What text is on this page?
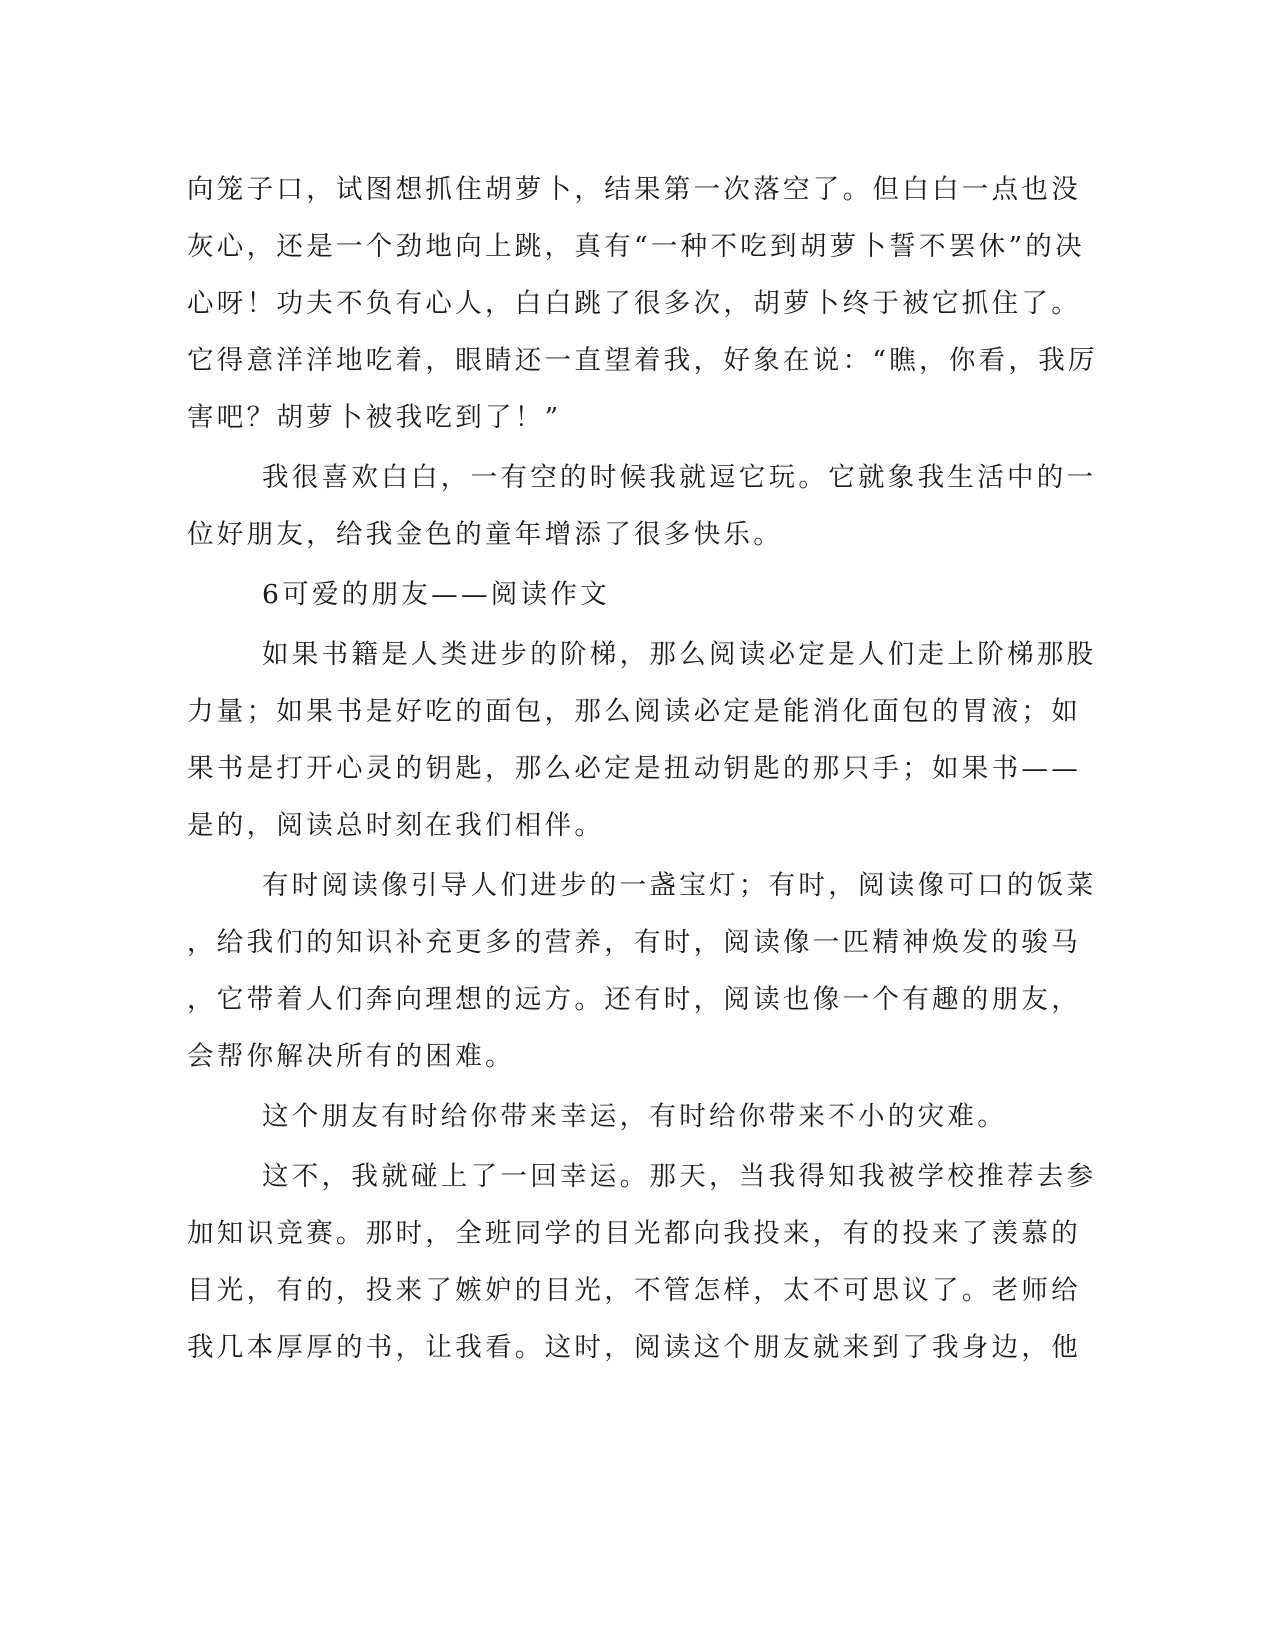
向笼子口，试图想抓住胡萝卜，结果第一次落空了。但白白一点也没

灰心，还是一个劲地向上跳，真有“一种不吃到胡萝卜誓不罢休”的决

心呀！功夫不负有心人，白白跳了很多次，胡萝卜终于被它抓住了。

它得意洋洋地吃着，眼睛还一直望着我，好象在说：“瞧，你看，我厉

害吧？胡萝卜被我吃到了！”

我很喜欢白白，一有空的时候我就逗它玩。它就象我生活中的一

位好朋友，给我金色的童年增添了很多快乐。

6可爱的朋友——阅读作文

如果书籍是人类进步的阶梯，那么阅读必定是人们走上阶梯那股

力量；如果书是好吃的面包，那么阅读必定是能消化面包的胃液；如

果书是打开心灵的钥匙，那么必定是扭动钥匙的那只手；如果书——

是的，阅读总时刻在我们相伴。

有时阅读像引导人们进步的一盏宝灯；有时，阅读像可口的饭菜

，给我们的知识补充更多的营养，有时，阅读像一匹精神焕发的骏马

，它带着人们奔向理想的远方。还有时，阅读也像一个有趣的朋友，

会帮你解决所有的困难。

这个朋友有时给你带来幸运，有时给你带来不小的灾难。

这不，我就碰上了一回幸运。那天，当我得知我被学校推荐去参

加知识竞赛。那时，全班同学的目光都向我投来，有的投来了羡慕的

目光，有的，投来了嫉妒的目光，不管怎样，太不可思议了。老师给

我几本厚厚的书，让我看。这时，阅读这个朋友就来到了我身边，他
